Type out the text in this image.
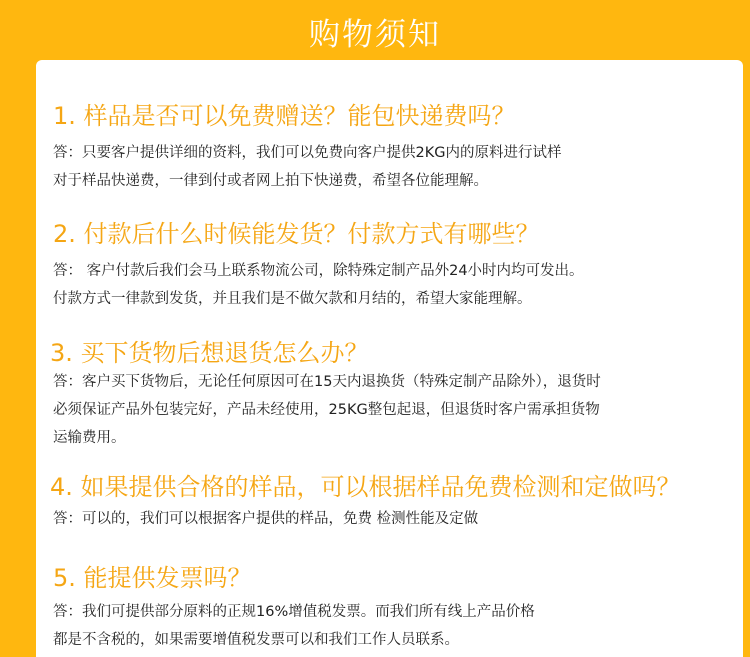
购物须知
1. 样品是否可以免费赠送？能包快递费吗？

答：只要客户提供详细的资料，我们可以免费向客户提供2KG内的原料进行试样

对于样品快递费，一律到付或者网上拍下快递费，希望各位能理解。

2. 付款后什么时候能发货？付款方式有哪些？

答： 客户付款后我们会马上联系物流公司，除特殊定制产品外24小时内均可发出。

付款方式一律款到发货，并且我们是不做欠款和月结的，希望大家能理解。

3. 买下货物后想退货怎么办？

答：客户买下货物后，无论任何原因可在15天内退换货（特殊定制产品除外），退货时

必须保证产品外包装完好，产品未经使用，25KG整包起退，但退货时客户需承担货物

运输费用。

4. 如果提供合格的样品，可以根据样品免费检测和定做吗？

答：可以的，我们可以根据客户提供的样品，免费 检测性能及定做

5. 能提供发票吗？

答：我们可提供部分原料的正规16%增值税发票。而我们所有线上产品价格

都是不含税的，如果需要增值税发票可以和我们工作人员联系。
